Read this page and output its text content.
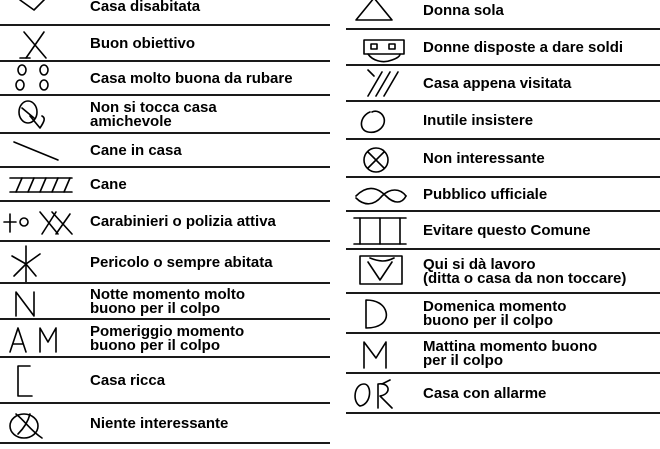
Casa disabitata
Buon obiettivo
Casa molto buona da rubare
Non si tocca casa
amichevole
Cane in casa
Cane
Carabinieri o polizia attiva
Pericolo o sempre abitata
Notte momento molto
buono per il colpo
Pomeriggio momento
buono per il colpo
Casa ricca
Niente interessante
Donna sola
Donne disposte a dare soldi
Casa appena visitata
Inutile insistere
Non interessante
Pubblico ufficiale
Evitare questo Comune
Qui si dà lavoro
(ditta o casa da non toccare)
Domenica momento
buono per il colpo
Mattina momento buono
per il colpo
Casa con allarme
